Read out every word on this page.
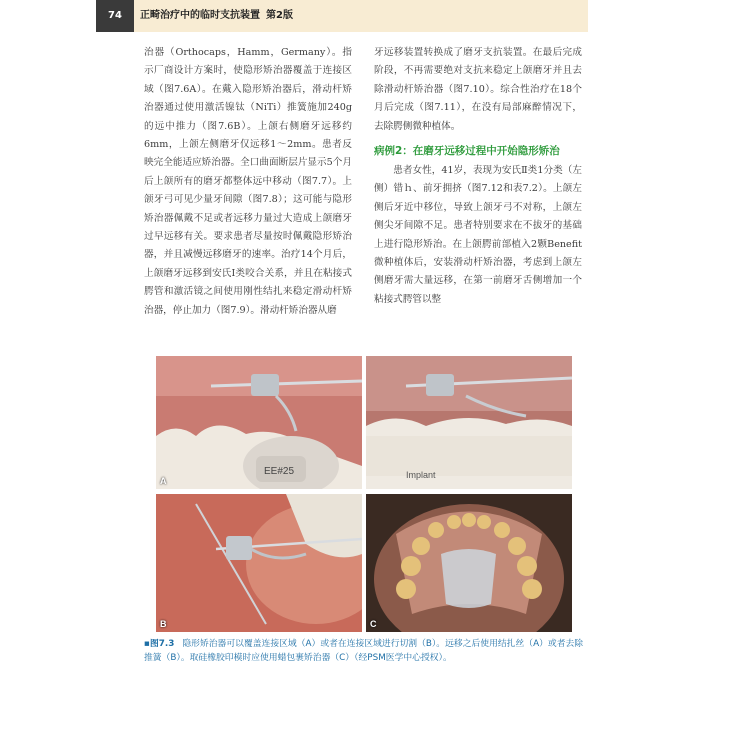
74	正畸治疗中的临时支抗装置 第2版

治器（Orthocaps，Hamm，Germany）。指示厂商设计方案时，使隐形矫治器覆盖于连接区域（图7.6A）。在戴入隐形矫治器后，滑动杆矫治器通过使用激活镍钛（NiTi）推簧施加240g的远中推力（图7.6B）。上颌右侧磨牙远移约6mm，上颌左侧磨牙仅远移1～2mm。患者反映完全能适应矫治器。全口曲面断层片显示5个月后上颌所有的磨牙都整体远中移动（图7.7）。上颌牙弓可见少量牙间隙（图7.8）；这可能与隐形矫治器佩戴不足或者远移力量过大造成上颌磨牙过早远移有关。要求患者尽量按时佩戴隐形矫治器，并且减慢远移磨牙的速率。治疗14个月后，上颌磨牙远移到安氏Ⅰ类咬合关系，并且在粘接式腭管和激活镜之间使用刚性结扎来稳定滑动杆矫治器，停止加力（图7.9）。滑动杆矫治器从磨

牙远移装置转换成了磨牙支抗装置。在最后完成阶段，不再需要绝对支抗来稳定上颌磨牙并且去除滑动杆矫治器（图7.10）。综合性治疗在18个月后完成（图7.11），在没有局部麻醉情况下，去除腭侧微种植体。

病例2：在磨牙远移过程中开始隐形矫治

患者女性，41岁，表现为安氏Ⅱ类1分类（左侧）错ｈ、前牙拥挤（图7.12和表7.2）。上颌左侧后牙近中移位，导致上颌牙弓不对称，上颌左侧尖牙间隙不足。患者特别要求在不拔牙的基础上进行隐形矫治。在上颌腭前部植入2颗Benefit微种植体后，安装滑动杆矫治器，考虑到上颌左侧磨牙需大量远移，在第一前磨牙舌侧增加一个粘接式腭管以整

EE#25
A
B
Implant
C
▪图7.3 隐形矫治器可以覆盖连接区域（A）或者在连接区域进行切割（B）。远移之后使用结扎丝（A）或者去除推簧（B）。取硅橡胶印模时应使用蜡包裹矫治器（C）（经PSM医学中心授权）。
